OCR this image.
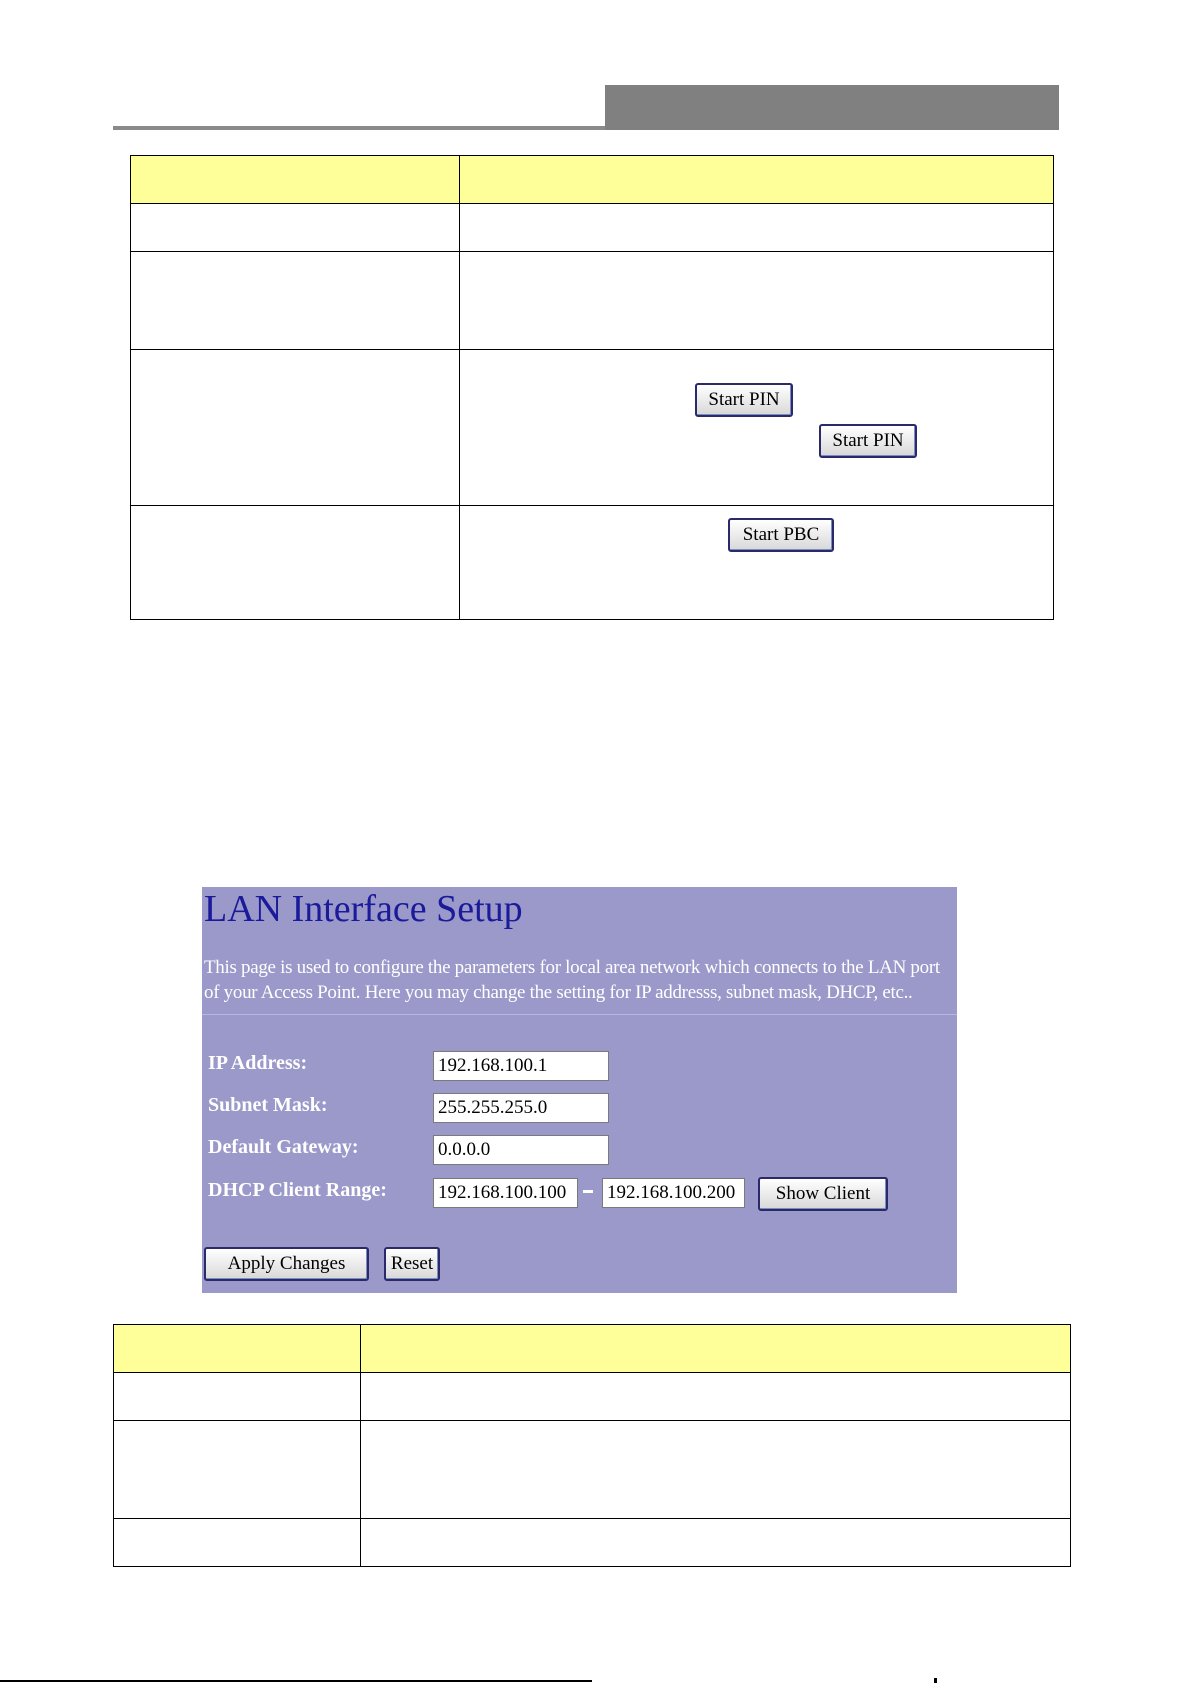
Start PIN
Start PIN

Start PBC
LAN Interface Setup
This page is used to configure the parameters for local area network which connects to the LAN port of your Access Point. Here you may change the setting for IP addresss, subnet mask, DHCP, etc..
IP Address:
192.168.100.1
Subnet Mask:
255.255.255.0
Default Gateway:
0.0.0.0
DHCP Client Range:
192.168.100.100
192.168.100.200	Show Client
Apply Changes	Reset
